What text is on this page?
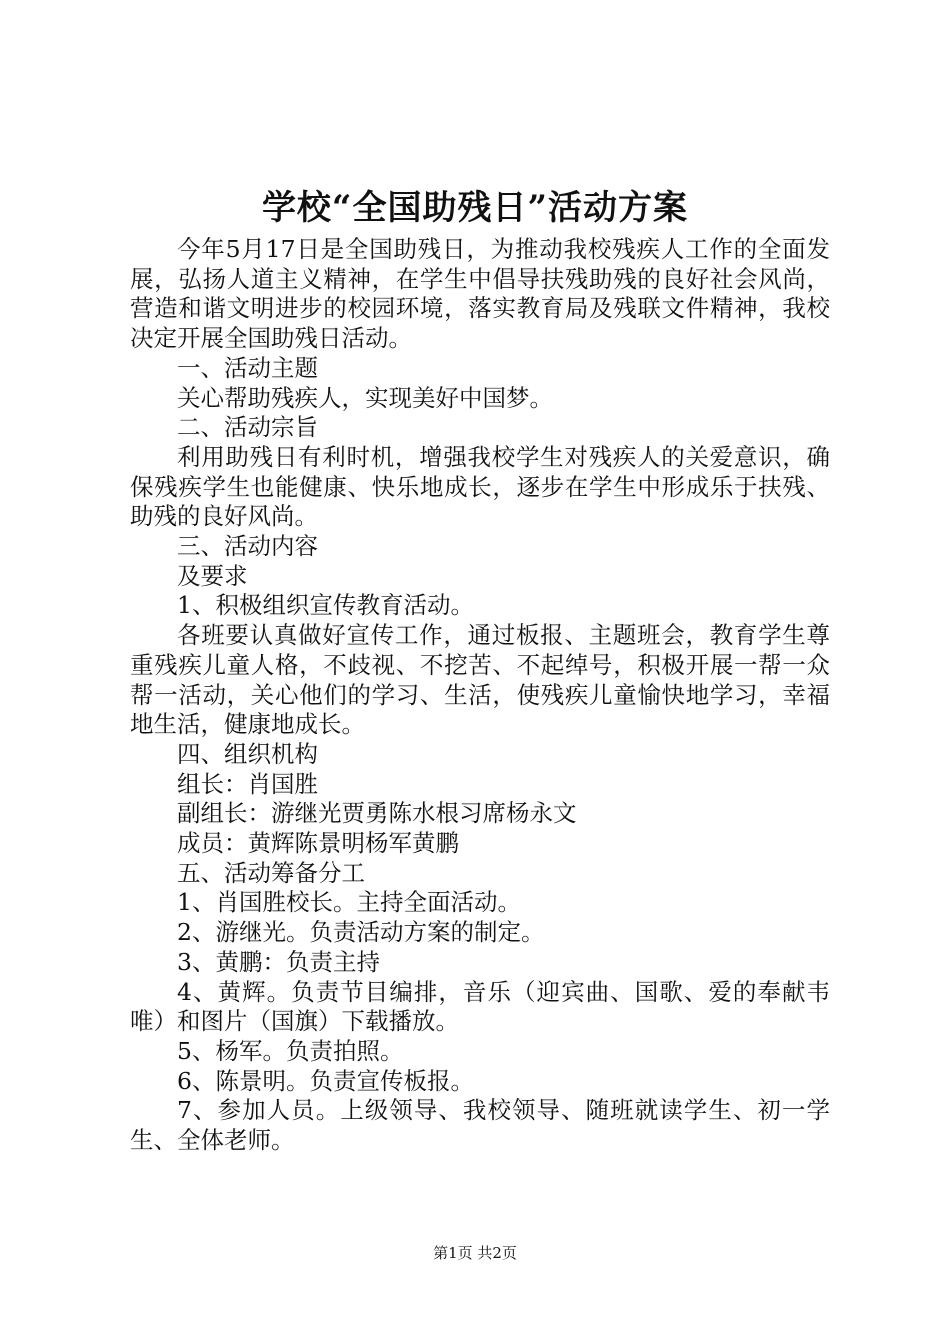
学校“全国助残日”活动方案

今年5月17日是全国助残日，为推动我校残疾人工作的全面发展，弘扬人道主义精神，在学生中倡导扶残助残的良好社会风尚，营造和谐文明进步的校园环境，落实教育局及残联文件精神，我校决定开展全国助残日活动。

一、活动主题

关心帮助残疾人，实现美好中国梦。

二、活动宗旨

利用助残日有利时机，增强我校学生对残疾人的关爱意识，确保残疾学生也能健康、快乐地成长，逐步在学生中形成乐于扶残、助残的良好风尚。

三、活动内容

及要求

1、积极组织宣传教育活动。

各班要认真做好宣传工作，通过板报、主题班会，教育学生尊重残疾儿童人格，不歧视、不挖苦、不起绰号，积极开展一帮一众帮一活动，关心他们的学习、生活，使残疾儿童愉快地学习，幸福地生活，健康地成长。

四、组织机构

组长：肖国胜

副组长：游继光贾勇陈水根习席杨永文

成员：黄辉陈景明杨军黄鹏

五、活动筹备分工

1、肖国胜校长。主持全面活动。

2、游继光。负责活动方案的制定。

3、黄鹏：负责主持

4、黄辉。负责节目编排，音乐（迎宾曲、国歌、爱的奉献韦唯）和图片（国旗）下载播放。

5、杨军。负责拍照。

6、陈景明。负责宣传板报。

7、参加人员。上级领导、我校领导、随班就读学生、初一学生、全体老师。

第1页 共2页
